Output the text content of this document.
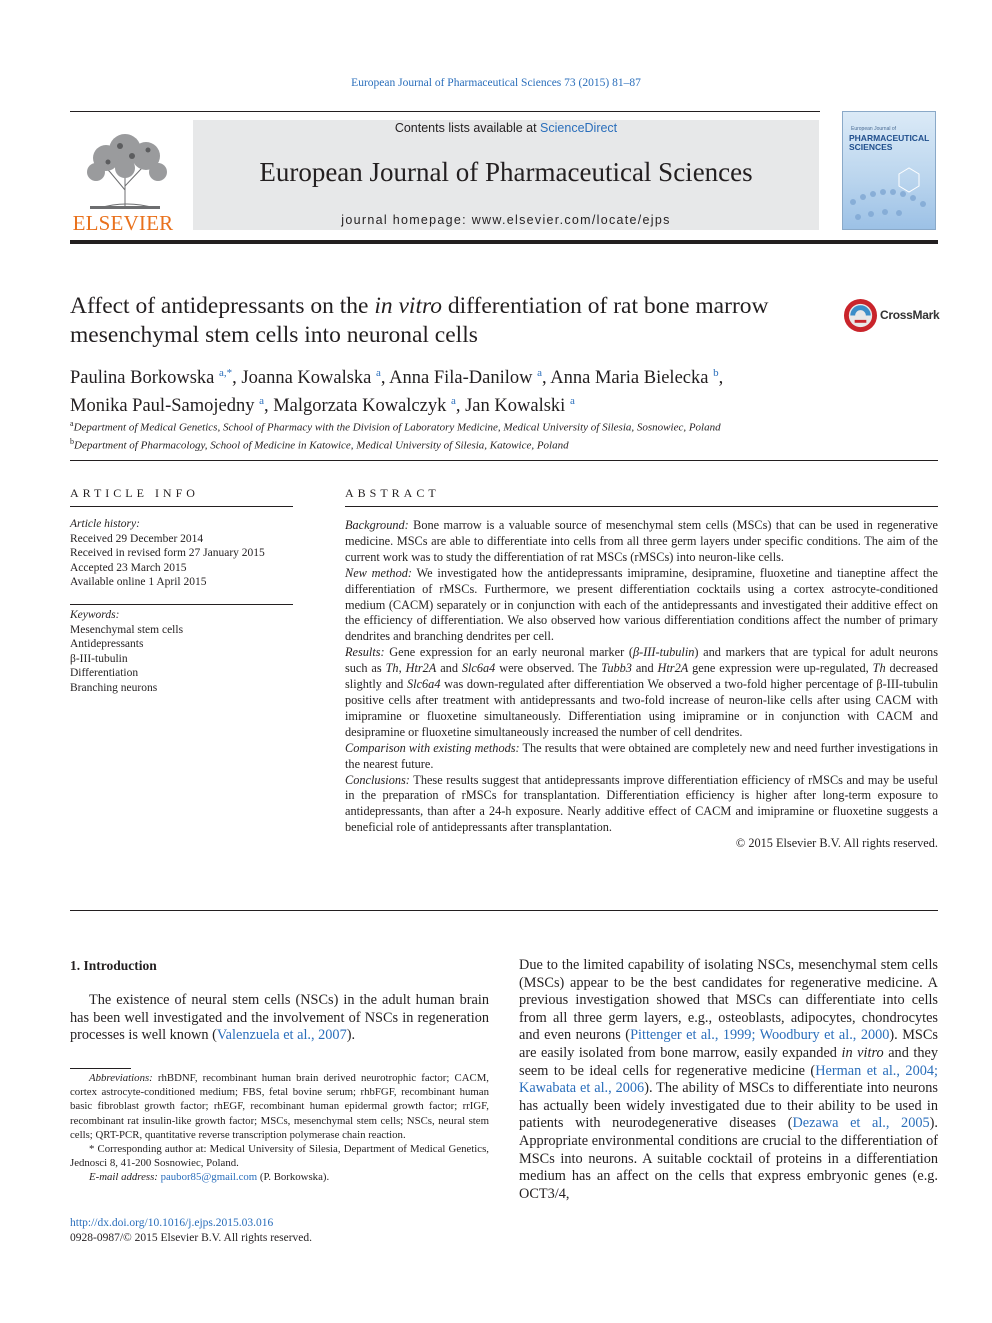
European Journal of Pharmaceutical Sciences 73 (2015) 81–87
ELSEVIER
Contents lists available at ScienceDirect
European Journal of Pharmaceutical Sciences
journal homepage: www.elsevier.com/locate/ejps
European Journal of
PHARMACEUTICAL SCIENCES
Affect of antidepressants on the in vitro differentiation of rat bone marrow mesenchymal stem cells into neuronal cells
CrossMark
Paulina Borkowska $^{a,*}$, Joanna Kowalska $^a$, Anna Fila-Danilow $^a$, Anna Maria Bielecka $^b$,
Monika Paul-Samojedny $^a$, Malgorzata Kowalczyk $^a$, Jan Kowalski $^a$
$^a$Department of Medical Genetics, School of Pharmacy with the Division of Laboratory Medicine, Medical University of Silesia, Sosnowiec, Poland
$^b$Department of Pharmacology, School of Medicine in Katowice, Medical University of Silesia, Katowice, Poland
ARTICLE INFO
Article history:
Received 29 December 2014
Received in revised form 27 January 2015
Accepted 23 March 2015
Available online 1 April 2015
Keywords:
Mesenchymal stem cells
Antidepressants
β-III-tubulin
Differentiation
Branching neurons
ABSTRACT

Background: Bone marrow is a valuable source of mesenchymal stem cells (MSCs) that can be used in regenerative medicine. MSCs are able to differentiate into cells from all three germ layers under specific conditions. The aim of the current work was to study the differentiation of rat MSCs (rMSCs) into neuron-like cells.

New method: We investigated how the antidepressants imipramine, desipramine, fluoxetine and tianeptine affect the differentiation of rMSCs. Furthermore, we present differentiation cocktails using a cortex astrocyte-conditioned medium (CACM) separately or in conjunction with each of the antidepressants and investigated their additive effect on the efficiency of differentiation. We also observed how various differentiation conditions affect the number of primary dendrites and branching dendrites per cell.

Results: Gene expression for an early neuronal marker (β-III-tubulin) and markers that are typical for adult neurons such as Th, Htr2A and Slc6a4 were observed. The Tubb3 and Htr2A gene expression were up-regulated, Th decreased slightly and Slc6a4 was down-regulated after differentiation We observed a two-fold higher percentage of β-III-tubulin positive cells after treatment with antidepressants and two-fold increase of neuron-like cells after using CACM with imipramine or fluoxetine simultaneously. Differentiation using imipramine or in conjunction with CACM and desipramine or fluoxetine simultaneously increased the number of cell dendrites.

Comparison with existing methods: The results that were obtained are completely new and need further investigations in the nearest future.

Conclusions: These results suggest that antidepressants improve differentiation efficiency of rMSCs and may be useful in the preparation of rMSCs for transplantation. Differentiation efficiency is higher after long-term exposure to antidepressants, than after a 24-h exposure. Nearly additive effect of CACM and imipramine or fluoxetine suggests a beneficial role of antidepressants after transplantation.

© 2015 Elsevier B.V. All rights reserved.

1. Introduction
The existence of neural stem cells (NSCs) in the adult human brain has been well investigated and the involvement of NSCs in regeneration processes is well known (Valenzuela et al., 2007).

Abbreviations: rhBDNF, recombinant human brain derived neurotrophic factor; CACM, cortex astrocyte-conditioned medium; FBS, fetal bovine serum; rhbFGF, recombinant human basic fibroblast growth factor; rhEGF, recombinant human epidermal growth factor; rrIGF, recombinant rat insulin-like growth factor; MSCs, mesenchymal stem cells; NSCs, neural stem cells; QRT-PCR, quantitative reverse transcription polymerase chain reaction.

* Corresponding author at: Medical University of Silesia, Department of Medical Genetics, Jednosci 8, 41-200 Sosnowiec, Poland.

E-mail address: paubor85@gmail.com (P. Borkowska).

http://dx.doi.org/10.1016/j.ejps.2015.03.016
0928-0987/© 2015 Elsevier B.V. All rights reserved.
Due to the limited capability of isolating NSCs, mesenchymal stem cells (MSCs) appear to be the best candidates for regenerative medicine. A previous investigation showed that MSCs can differentiate into cells from all three germ layers, e.g., osteoblasts, adipocytes, chondrocytes and even neurons (Pittenger et al., 1999; Woodbury et al., 2000). MSCs are easily isolated from bone marrow, easily expanded in vitro and they seem to be ideal cells for regenerative medicine (Herman et al., 2004; Kawabata et al., 2006). The ability of MSCs to differentiate into neurons has actually been widely investigated due to their ability to be used in patients with neurodegenerative diseases (Dezawa et al., 2005). Appropriate environmental conditions are crucial to the differentiation of MSCs into neurons. A suitable cocktail of proteins in a differentiation medium has an affect on the cells that express embryonic genes (e.g. OCT3/4,
